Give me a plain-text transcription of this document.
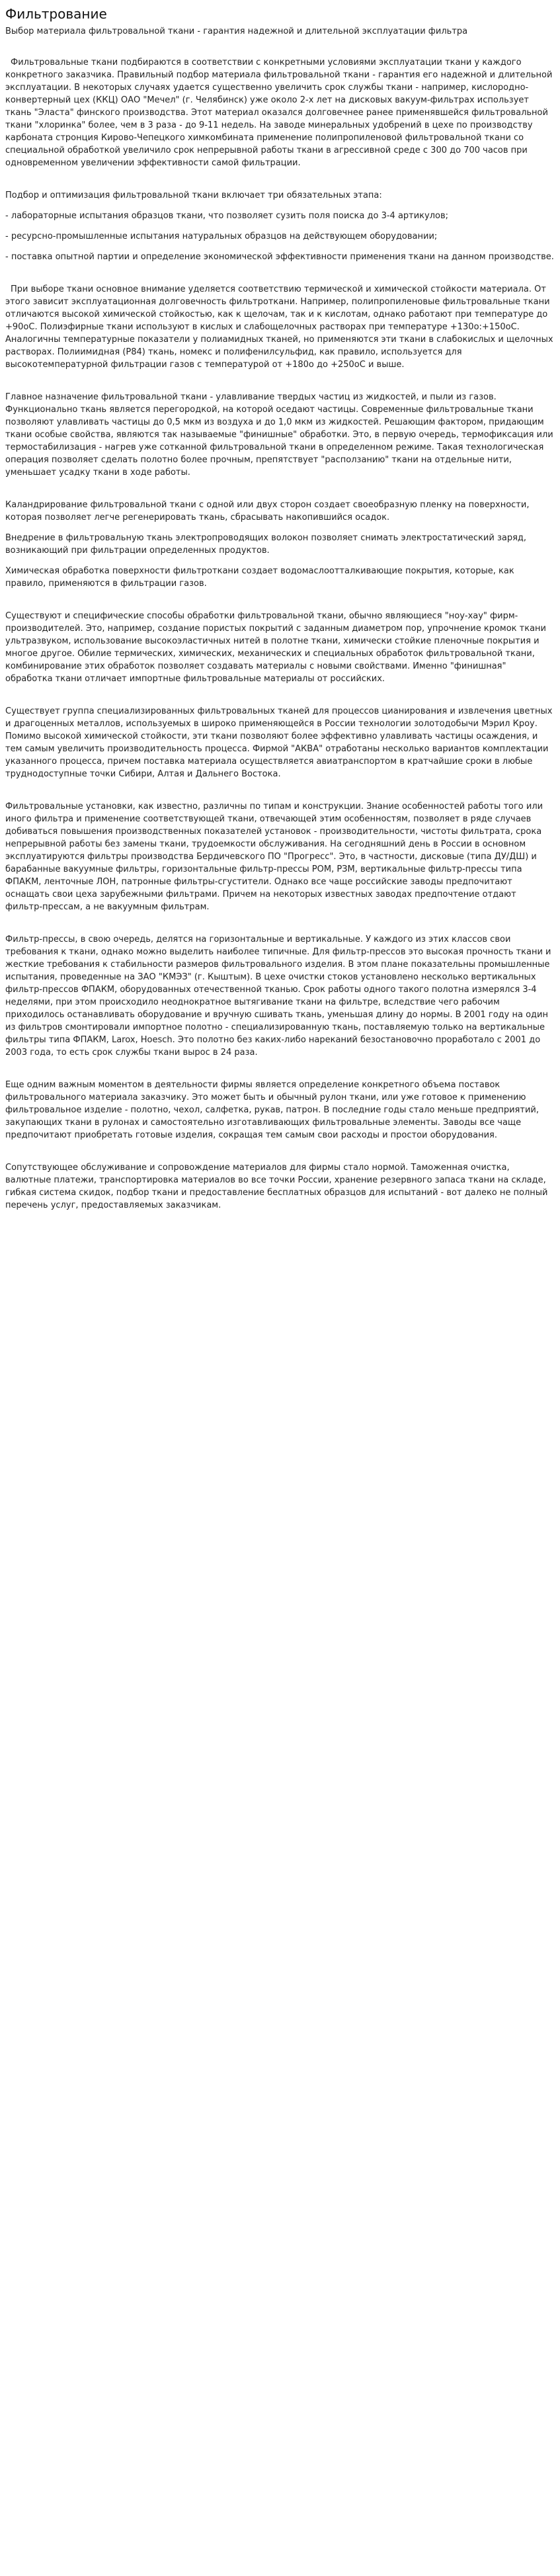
Фильтрование
Выбор материала фильтровальной ткани - гарантия надежной и длительной эксплуатации фильтра

Фильтровальные ткани подбираются в соответствии с конкретными условиями эксплуатации ткани у каждого конкретного заказчика. Правильный подбор материала фильтровальной ткани - гарантия его надежной и длительной эксплуатации. В некоторых случаях удается существенно увеличить срок службы ткани - например, кислородно-конвертерный цех (ККЦ) ОАО "Мечел" (г. Челябинск) уже около 2-х лет на дисковых вакуум-фильтрах использует ткань "Эласта" финского производства. Этот материал оказался долговечнее ранее применявшейся фильтровальной ткани "хлоринка" более, чем в 3 раза - до 9-11 недель. На заводе минеральных удобрений в цехе по производству карбоната стронция Кирово-Чепецкого химкомбината применение полипропиленовой фильтровальной ткани со специальной обработкой увеличило срок непрерывной работы ткани в агрессивной среде с 300 до 700 часов при одновременном увеличении эффективности самой фильтрации.

Подбор и оптимизация фильтровальной ткани включает три обязательных этапа:

- лабораторные испытания образцов ткани, что позволяет сузить поля поиска до 3-4 артикулов;

- ресурсно-промышленные испытания натуральных образцов на действующем оборудовании;

- поставка опытной партии и определение экономической эффективности применения ткани на данном производстве.

При выборе ткани основное внимание уделяется соответствию термической и химической стойкости материала. От этого зависит эксплуатационная долговечность фильтроткани. Например, полипропиленовые фильтровальные ткани отличаются высокой химической стойкостью, как к щелочам, так и к кислотам, однако работают при температуре до +90оС. Полиэфирные ткани используют в кислых и слабощелочных растворах при температуре +130о:+150оС. Аналогичны температурные показатели у полиамидных тканей, но применяются эти ткани в слабокислых и щелочных растворах. Полиимидная (P84) ткань, номекс и полифенилсульфид, как правило, используется для высокотемпературной фильтрации газов с температурой от +180о до +250оС и выше.

Главное назначение фильтровальной ткани - улавливание твердых частиц из жидкостей, и пыли из газов. Функционально ткань является перегородкой, на которой оседают частицы. Современные фильтровальные ткани позволяют улавливать частицы до 0,5 мкм из воздуха и до 1,0 мкм из жидкостей. Решающим фактором, придающим ткани особые свойства, являются так называемые "финишные" обработки. Это, в первую очередь, термофиксация или термостабилизация - нагрев уже сотканной фильтровальной ткани в определенном режиме. Такая технологическая операция позволяет сделать полотно более прочным, препятствует "расползанию" ткани на отдельные нити, уменьшает усадку ткани в ходе работы.

Каландрирование фильтровальной ткани с одной или двух сторон создает своеобразную пленку на поверхности, которая позволяет легче регенерировать ткань, сбрасывать накопившийся осадок.

Внедрение в фильтровальную ткань электропроводящих волокон позволяет снимать электростатический заряд, возникающий при фильтрации определенных продуктов.

Химическая обработка поверхности фильтроткани создает водомаслоотталкивающие покрытия, которые, как правило, применяются в фильтрации газов.

Существуют и специфические способы обработки фильтровальной ткани, обычно являющиеся "ноу-хау" фирм-производителей. Это, например, создание пористых покрытий с заданным диаметром пор, упрочнение кромок ткани ультразвуком, использование высокоэластичных нитей в полотне ткани, химически стойкие пленочные покрытия и многое другое. Обилие термических, химических, механических и специальных обработок фильтровальной ткани, комбинирование этих обработок позволяет создавать материалы с новыми свойствами. Именно "финишная" обработка ткани отличает импортные фильтровальные материалы от российских.

Существует группа специализированных фильтровальных тканей для процессов цианирования и извлечения цветных и драгоценных металлов, используемых в широко применяющейся в России технологии золотодобычи Мэрил Кроу. Помимо высокой химической стойкости, эти ткани позволяют более эффективно улавливать частицы осаждения, и тем самым увеличить производительность процесса. Фирмой "АКВА" отработаны несколько вариантов комплектации указанного процесса, причем поставка материала осуществляется авиатранспортом в кратчайшие сроки в любые труднодоступные точки Сибири, Алтая и Дальнего Востока.

Фильтровальные установки, как известно, различны по типам и конструкции. Знание особенностей работы того или иного фильтра и применение соответствующей ткани, отвечающей этим особенностям, позволяет в ряде случаев добиваться повышения производственных показателей установок - производительности, чистоты фильтрата, срока непрерывной работы без замены ткани, трудоемкости обслуживания. На сегодняшний день в России в основном эксплуатируются фильтры производства Бердичевского ПО "Прогресс". Это, в частности, дисковые (типа ДУ/ДШ) и барабанные вакуумные фильтры, горизонтальные фильтр-прессы РОМ, РЗМ, вертикальные фильтр-прессы типа ФПАКМ, ленточные ЛОН, патронные фильтры-сгустители. Однако все чаще российские заводы предпочитают оснащать свои цеха зарубежными фильтрами. Причем на некоторых известных заводах предпочтение отдают фильтр-прессам, а не вакуумным фильтрам.

Фильтр-прессы, в свою очередь, делятся на горизонтальные и вертикальные. У каждого из этих классов свои требования к ткани, однако можно выделить наиболее типичные. Для фильтр-прессов это высокая прочность ткани и жесткие требования к стабильности размеров фильтровального изделия. В этом плане показательны промышленные испытания, проведенные на ЗАО "КМЭЗ" (г. Кыштым). В цехе очистки стоков установлено несколько вертикальных фильтр-прессов ФПАКМ, оборудованных отечественной тканью. Срок работы одного такого полотна измерялся 3-4 неделями, при этом происходило неоднократное вытягивание ткани на фильтре, вследствие чего рабочим приходилось останавливать оборудование и вручную сшивать ткань, уменьшая длину до нормы. В 2001 году на один из фильтров смонтировали импортное полотно - специализированную ткань, поставляемую только на вертикальные фильтры типа ФПАКМ, Larox, Hoesch. Это полотно без каких-либо нареканий безостановочно проработало с 2001 до 2003 года, то есть срок службы ткани вырос в 24 раза.

Еще одним важным моментом в деятельности фирмы является определение конкретного объема поставок фильтровального материала заказчику. Это может быть и обычный рулон ткани, или уже готовое к применению фильтровальное изделие - полотно, чехол, салфетка, рукав, патрон. В последние годы стало меньше предприятий, закупающих ткани в рулонах и самостоятельно изготавливающих фильтровальные элементы. Заводы все чаще предпочитают приобретать готовые изделия, сокращая тем самым свои расходы и простои оборудования.

Сопутствующее обслуживание и сопровождение материалов для фирмы стало нормой. Таможенная очистка, валютные платежи, транспортировка материалов во все точки России, хранение резервного запаса ткани на складе, гибкая система скидок, подбор ткани и предоставление бесплатных образцов для испытаний - вот далеко не полный перечень услуг, предоставляемых заказчикам.
